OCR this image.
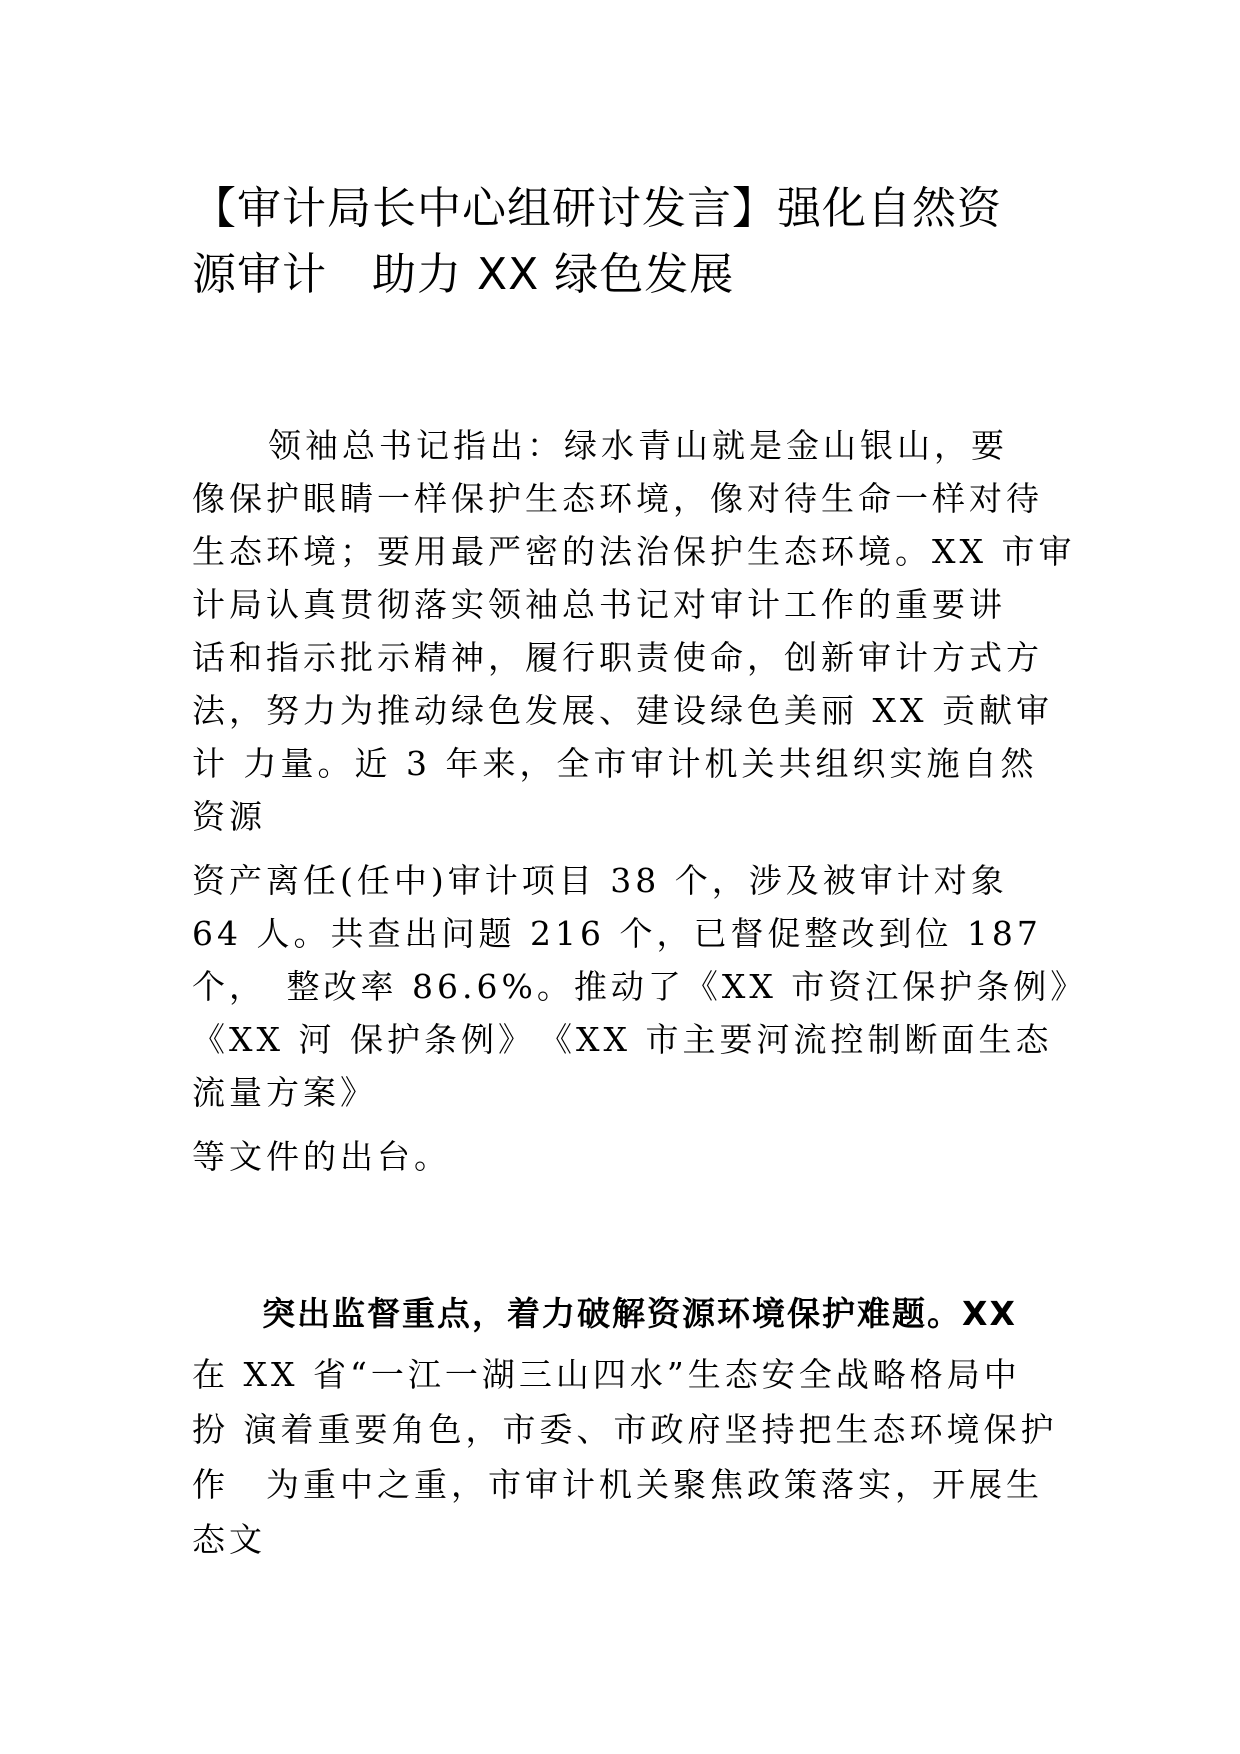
【审计局长中心组研讨发言】强化自然资
源审计　助力 XX 绿色发展
领袖总书记指出：绿水青山就是金山银山，要
像保护眼睛一样保护生态环境，像对待生命一样对待
生态环境；要用最严密的法治保护生态环境。XX 市审
计局认真贯彻落实领袖总书记对审计工作的重要讲
话和指示批示精神，履行职责使命，创新审计方式方
法，努力为推动绿色发展、建设绿色美丽 XX 贡献审
计 力量。近 3 年来，全市审计机关共组织实施自然
资源
资产离任(任中)审计项目 38 个，涉及被审计对象
64 人。共查出问题 216 个，已督促整改到位 187
个，　整改率 86.6%。推动了《XX 市资江保护条例》
《XX 河 保护条例》　《XX 市主要河流控制断面生态
流量方案》
等文件的出台。
突出监督重点，着力破解资源环境保护难题。XX
在 XX 省“一江一湖三山四水”生态安全战略格局中
扮 演着重要角色，市委、市政府坚持把生态环境保护
作　为重中之重，市审计机关聚焦政策落实，开展生
态文
